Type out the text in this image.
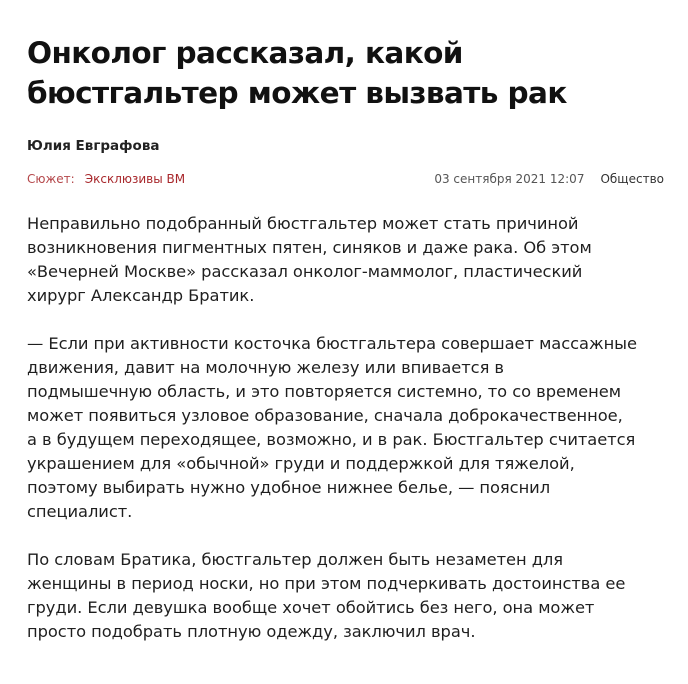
Онколог рассказал, какой
бюстгальтер может вызвать рак
Юлия Евграфова
Сюжет: Эксклюзивы ВМ	03 сентября 2021 12:07 Общество

Неправильно подобранный бюстгальтер может стать причиной
возникновения пигментных пятен, синяков и даже рака. Об этом
«Вечерней Москве» рассказал онколог-маммолог, пластический
хирург Александр Братик.

— Если при активности косточка бюстгальтера совершает массажные
движения, давит на молочную железу или впивается в
подмышечную область, и это повторяется системно, то со временем
может появиться узловое образование, сначала доброкачественное,
а в будущем переходящее, возможно, и в рак. Бюстгальтер считается
украшением для «обычной» груди и поддержкой для тяжелой,
поэтому выбирать нужно удобное нижнее белье, — пояснил
специалист.

По словам Братика, бюстгальтер должен быть незаметен для
женщины в период носки, но при этом подчеркивать достоинства ее
груди. Если девушка вообще хочет обойтись без него, она может
просто подобрать плотную одежду, заключил врач.
